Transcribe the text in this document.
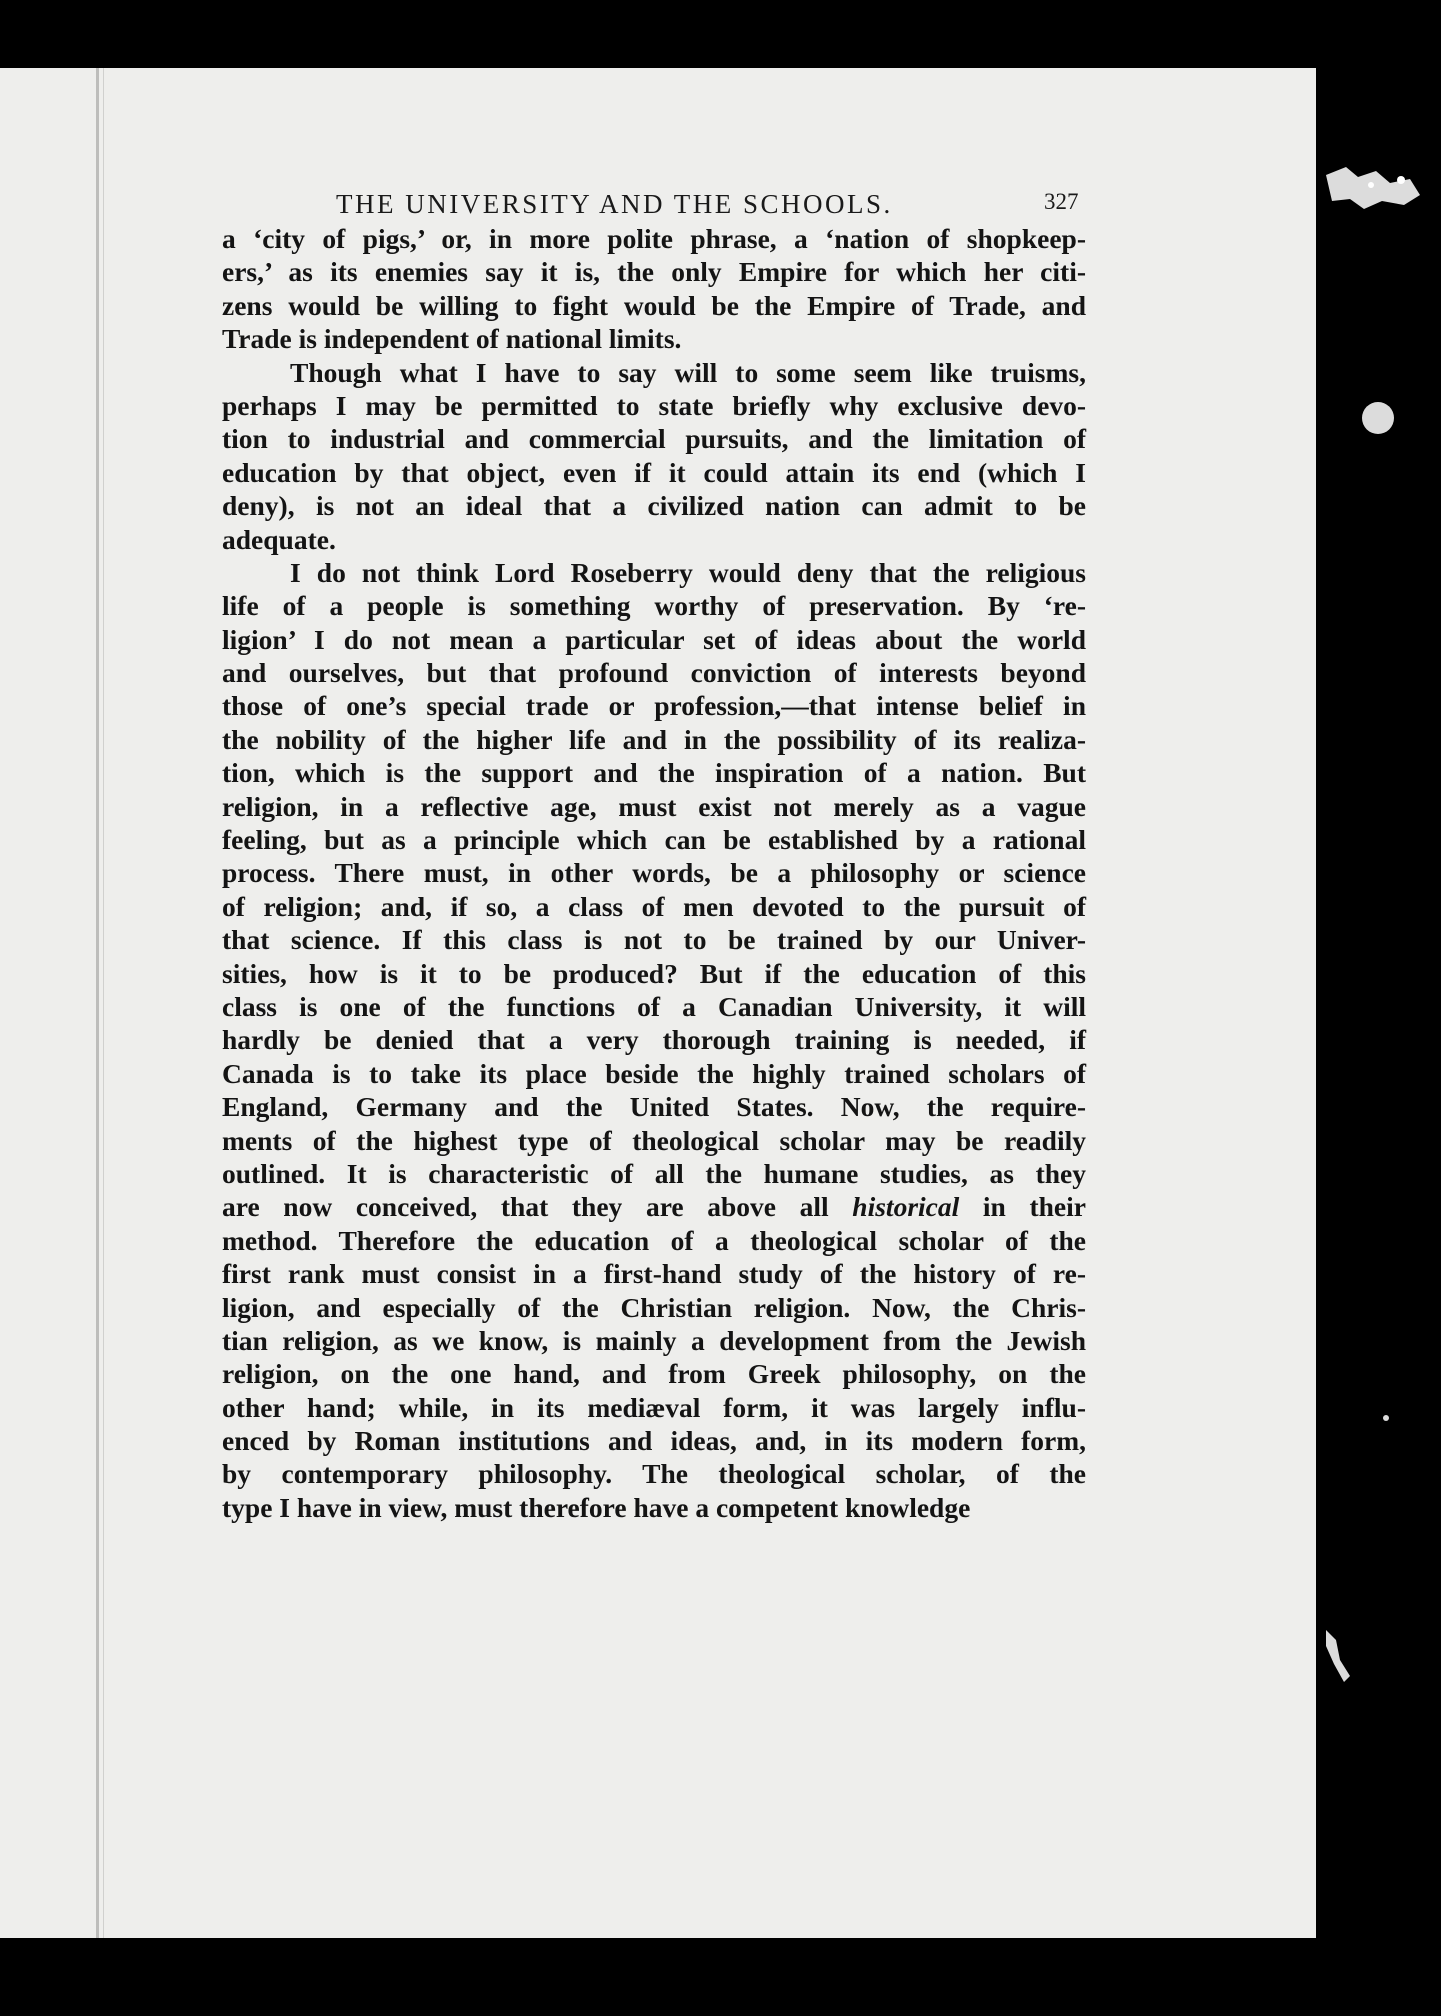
THE UNIVERSITY AND THE SCHOOLS.	327
a ‘city of pigs,’ or, in more polite phrase, a ‘nation of shopkeep-
ers,’ as its enemies say it is, the only Empire for which her citi-
zens would be willing to fight would be the Empire of Trade, and
Trade is independent of national limits.
Though what I have to say will to some seem like truisms,
perhaps I may be permitted to state briefly why exclusive devo-
tion to industrial and commercial pursuits, and the limitation of
education by that object, even if it could attain its end (which I
deny), is not an ideal that a civilized nation can admit to be
adequate.
I do not think Lord Roseberry would deny that the religious
life of a people is something worthy of preservation. By ‘re-
ligion’ I do not mean a particular set of ideas about the world
and ourselves, but that profound conviction of interests beyond
those of one’s special trade or profession,—that intense belief in
the nobility of the higher life and in the possibility of its realiza-
tion, which is the support and the inspiration of a nation. But
religion, in a reflective age, must exist not merely as a vague
feeling, but as a principle which can be established by a rational
process. There must, in other words, be a philosophy or science
of religion; and, if so, a class of men devoted to the pursuit of
that science. If this class is not to be trained by our Univer-
sities, how is it to be produced? But if the education of this
class is one of the functions of a Canadian University, it will
hardly be denied that a very thorough training is needed, if
Canada is to take its place beside the highly trained scholars of
England, Germany and the United States. Now, the require-
ments of the highest type of theological scholar may be readily
outlined. It is characteristic of all the humane studies, as they
are now conceived, that they are above all historical in their
method. Therefore the education of a theological scholar of the
first rank must consist in a first-hand study of the history of re-
ligion, and especially of the Christian religion. Now, the Chris-
tian religion, as we know, is mainly a development from the Jewish
religion, on the one hand, and from Greek philosophy, on the
other hand; while, in its mediæval form, it was largely influ-
enced by Roman institutions and ideas, and, in its modern form,
by contemporary philosophy. The theological scholar, of the
type I have in view, must therefore have a competent knowledge
